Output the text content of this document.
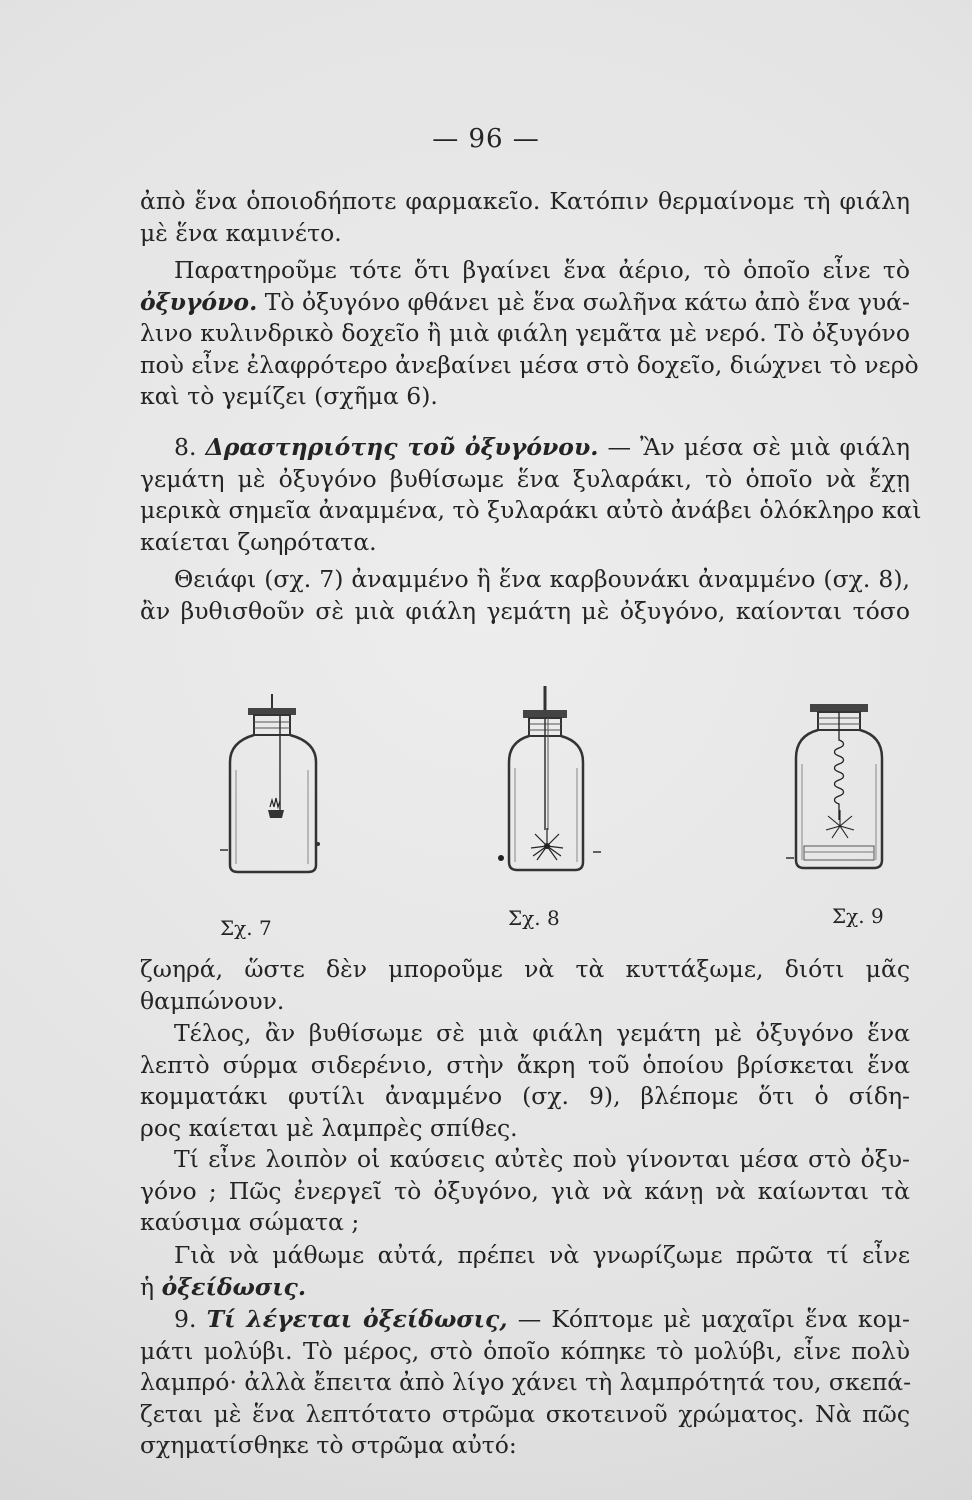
— 96 —
ἀπὸ ἕνα ὁποιοδήποτε φαρμακεῖο. Κατόπιν θερμαίνομε τὴ φιάλη
μὲ ἕνα καμινέτο.
Παρατηροῦμε τότε ὅτι βγαίνει ἕνα ἀέριο, τὸ ὁποῖο εἶνε τὸ
ὀξυγόνο. Τὸ ὀξυγόνο φθάνει μὲ ἕνα σωλῆνα κάτω ἀπὸ ἕνα γυά-
λινο κυλινδρικὸ δοχεῖο ἢ μιὰ φιάλη γεμᾶτα μὲ νερό. Τὸ ὀξυγόνο
ποὺ εἶνε ἐλαφρότερο ἀνεβαίνει μέσα στὸ δοχεῖο, διώχνει τὸ νερὸ
καὶ τὸ γεμίζει (σχῆμα 6).
8. Δραστηριότης τοῦ ὀξυγόνου. — Ἂν μέσα σὲ μιὰ φιάλη
γεμάτη μὲ ὀξυγόνο βυθίσωμε ἕνα ξυλαράκι, τὸ ὁποῖο νὰ ἔχῃ
μερικὰ σημεῖα ἀναμμένα, τὸ ξυλαράκι αὐτὸ ἀνάβει ὁλόκληρο καὶ
καίεται ζωηρότατα.
Θειάφι (σχ. 7) ἀναμμένο ἢ ἕνα καρβουνάκι ἀναμμένο (σχ. 8),
ἂν βυθισθοῦν σὲ μιὰ φιάλη γεμάτη μὲ ὀξυγόνο, καίονται τόσο
Σχ. 7	Σχ. 8	Σχ. 9
ζωηρά, ὥστε δὲν μποροῦμε νὰ τὰ κυττάξωμε, διότι μᾶς
θαμπώνουν.
Τέλος, ἂν βυθίσωμε σὲ μιὰ φιάλη γεμάτη μὲ ὀξυγόνο ἕνα
λεπτὸ σύρμα σιδερένιο, στὴν ἄκρη τοῦ ὁποίου βρίσκεται ἕνα
κομματάκι φυτίλι ἀναμμένο (σχ. 9), βλέπομε ὅτι ὁ σίδη-
ρος καίεται μὲ λαμπρὲς σπίθες.
Τί εἶνε λοιπὸν οἱ καύσεις αὐτὲς ποὺ γίνονται μέσα στὸ ὀξυ-
γόνο ; Πῶς ἐνεργεῖ τὸ ὀξυγόνο, γιὰ νὰ κάνῃ νὰ καίωνται τὰ
καύσιμα σώματα ;
Γιὰ νὰ μάθωμε αὐτά, πρέπει νὰ γνωρίζωμε πρῶτα τί εἶνε
ἡ ὀξείδωσις.
9. Τί λέγεται ὀξείδωσις, — Κόπτομε μὲ μαχαῖρι ἕνα κομ-
μάτι μολύβι. Τὸ μέρος, στὸ ὁποῖο κόπηκε τὸ μολύβι, εἶνε πολὺ
λαμπρό· ἀλλὰ ἔπειτα ἀπὸ λίγο χάνει τὴ λαμπρότητά του, σκεπά-
ζεται μὲ ἕνα λεπτότατο στρῶμα σκοτεινοῦ χρώματος. Νὰ πῶς
σχηματίσθηκε τὸ στρῶμα αὐτό:
